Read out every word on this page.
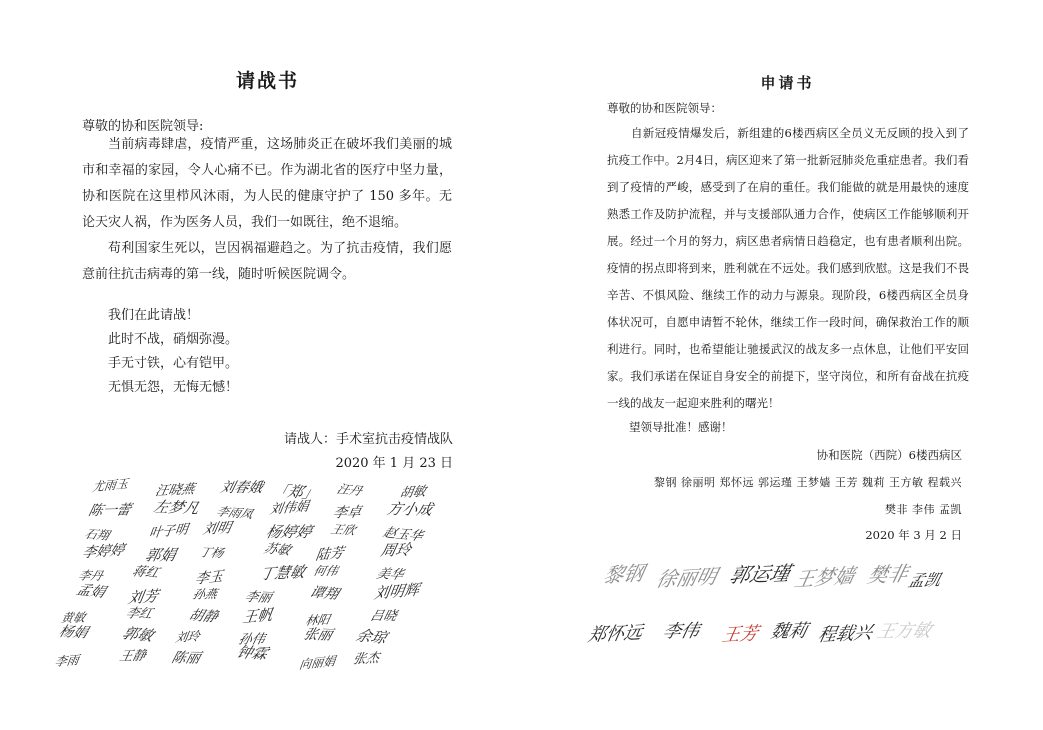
请战书
尊敬的协和医院领导:

当前病毒肆虐，疫情严重，这场肺炎正在破坏我们美丽的城市和幸福的家园，令人心痛不已。作为湖北省的医疗中坚力量，协和医院在这里栉风沐雨，为人民的健康守护了 150 多年。无论天灾人祸，作为医务人员，我们一如既往，绝不退缩。

苟利国家生死以，岂因祸福避趋之。为了抗击疫情，我们愿意前往抗击病毒的第一线，随时听候医院调令。

我们在此请战！
此时不战，硝烟弥漫。
手无寸铁，心有铠甲。
无惧无怨，无悔无憾！
请战人：手术室抗击疫情战队
2020 年 1 月 23 日
尤雨玉 汪晓燕 刘春娥 「郑」 汪丹	胡敏
陈一蕾 左梦凡 李雨凤 刘伟娟 李卓 方小成
石翔	叶子明 刘明 杨婷婷 王欣 赵玉华
李婷婷 郭娟 丁杨	苏敏 陆芳 周玲
李丹 蒋红 李玉 丁慧敏 何伟	美华
孟娟 刘芳	孙燕 李丽 谭翔 刘明辉
黄敏	李红 胡静 王帆	林阳	吕晓
杨娟 郭敏 刘玲	孙伟	张丽 余琼
李雨	王静 陈丽 钟霖
向丽娟 张杰
申请书
尊敬的协和医院领导：

自新冠疫情爆发后，新组建的6楼西病区全员义无反顾的投入到了抗疫工作中。2月4日，病区迎来了第一批新冠肺炎危重症患者。我们看到了疫情的严峻，感受到了在肩的重任。我们能做的就是用最快的速度熟悉工作及防护流程，并与支援部队通力合作，使病区工作能够顺利开展。经过一个月的努力，病区患者病情日趋稳定，也有患者顺利出院。疫情的拐点即将到来，胜利就在不远处。我们感到欣慰。这是我们不畏辛苦、不惧风险、继续工作的动力与源泉。现阶段，6楼西病区全员身体状况可，自愿申请暂不轮休，继续工作一段时间，确保救治工作的顺利进行。同时，也希望能让驰援武汉的战友多一点休息，让他们平安回家。我们承诺在保证自身安全的前提下，坚守岗位，和所有奋战在抗疫一线的战友一起迎来胜利的曙光！

望领导批准！感谢！
协和医院（西院）6楼西病区
黎钢 徐丽明 郑怀远 郭运瑾 王梦嫱 王芳 魏莉 王方敏 程载兴
樊非 李伟 孟凯
2020 年 3 月 2 日
黎钢 徐丽明 郭运瑾 王梦嫱 樊非
孟凯
郑怀远 李伟 王芳 魏莉 程载兴 王方敏
